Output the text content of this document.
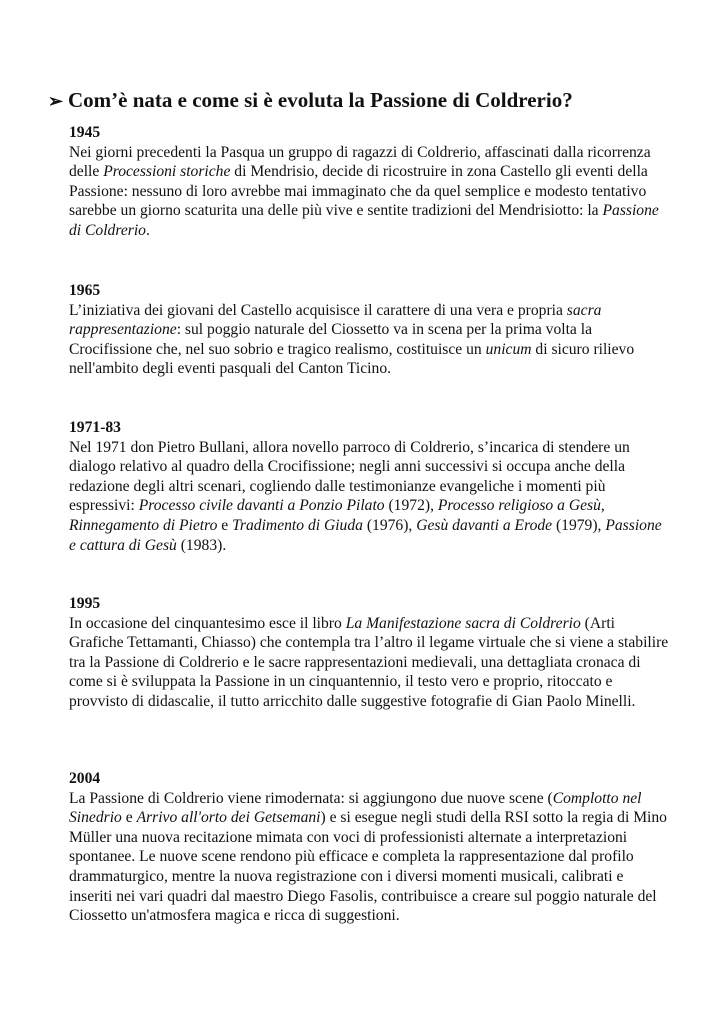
➢ Com’è nata e come si è evoluta la Passione di Coldrerio?
1945
Nei giorni precedenti la Pasqua un gruppo di ragazzi di Coldrerio, affascinati dalla ricorrenza delle Processioni storiche di Mendrisio, decide di ricostruire in zona Castello gli eventi della Passione: nessuno di loro avrebbe mai immaginato che da quel semplice e modesto tentativo sarebbe un giorno scaturita una delle più vive e sentite tradizioni del Mendrisiotto: la Passione di Coldrerio.
1965
L’iniziativa dei giovani del Castello acquisisce il carattere di una vera e propria sacra rappresentazione: sul poggio naturale del Ciossetto va in scena per la prima volta la Crocifissione che, nel suo sobrio e tragico realismo, costituisce un unicum di sicuro rilievo nell'ambito degli eventi pasquali del Canton Ticino.
1971-83
Nel 1971 don Pietro Bullani, allora novello parroco di Coldrerio, s’incarica di stendere un dialogo relativo al quadro della Crocifissione; negli anni successivi si occupa anche della redazione degli altri scenari, cogliendo dalle testimonianze evangeliche i momenti più espressivi: Processo civile davanti a Ponzio Pilato (1972), Processo religioso a Gesù, Rinnegamento di Pietro e Tradimento di Giuda (1976), Gesù davanti a Erode (1979), Passione e cattura di Gesù (1983).
1995
In occasione del cinquantesimo esce il libro La Manifestazione sacra di Coldrerio (Arti Grafiche Tettamanti, Chiasso) che contempla tra l’altro il legame virtuale che si viene a stabilire tra la Passione di Coldrerio e le sacre rappresentazioni medievali, una dettagliata cronaca di come si è sviluppata la Passione in un cinquantennio, il testo vero e proprio, ritoccato e provvisto di didascalie, il tutto arricchito dalle suggestive fotografie di Gian Paolo Minelli.
2004
La Passione di Coldrerio viene rimodernata: si aggiungono due nuove scene (Complotto nel Sinedrio e Arrivo all'orto dei Getsemani) e si esegue negli studi della RSI sotto la regia di Mino Müller una nuova recitazione mimata con voci di professionisti alternate a interpretazioni spontanee. Le nuove scene rendono più efficace e completa la rappresentazione dal profilo drammaturgico, mentre la nuova registrazione con i diversi momenti musicali, calibrati e inseriti nei vari quadri dal maestro Diego Fasolis, contribuisce a creare sul poggio naturale del Ciossetto un'atmosfera magica e ricca di suggestioni.
